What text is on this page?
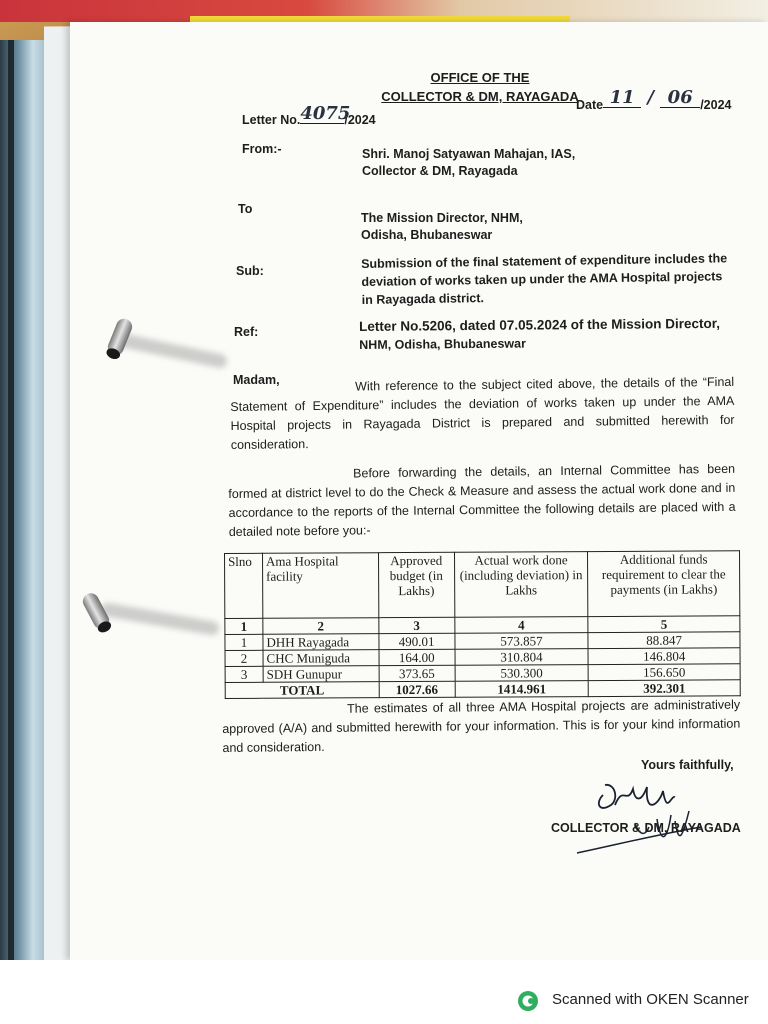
OFFICE OF THE
COLLECTOR & DM, RAYAGADA
Letter No.4075/2024
Date 11 / 06 /2024
From:-	Shri. Manoj Satyawan Mahajan, IAS,
Collector & DM, Rayagada
To
The Mission Director, NHM,
Odisha, Bhubaneswar
Sub:
Submission of the final statement of expenditure includes the
deviation of works taken up under the AMA Hospital projects
in Rayagada district.
Ref:	Letter No.5206, dated 07.05.2024 of the Mission Director,
NHM, Odisha, Bhubaneswar
Madam,	With reference to the subject cited above, the details of the “Final Statement of Expenditure” includes the deviation of works taken up under the AMA Hospital projects in Rayagada District is prepared and submitted herewith for consideration.
Before forwarding the details, an Internal Committee has been formed at district level to do the Check & Measure and assess the actual work done and in accordance to the reports of the Internal Committee the following details are placed with a detailed note before you:-
Slno	Ama Hospital facility	Approved budget (in Lakhs)	Actual work done (including deviation) in Lakhs	Additional funds requirement to clear the payments (in Lakhs)
1	2	3	4	5
1	DHH Rayagada	490.01	573.857	88.847
2	CHC Muniguda	164.00	310.804	146.804
3	SDH Gunupur	373.65	530.300	156.650
TOTAL		1027.66	1414.961	392.301
The estimates of all three AMA Hospital projects are administratively approved (A/A) and submitted herewith for your information. This is for your kind information and consideration.
Yours faithfully,
COLLECTOR & DM, RAYAGADA
Scanned with OKEN Scanner
